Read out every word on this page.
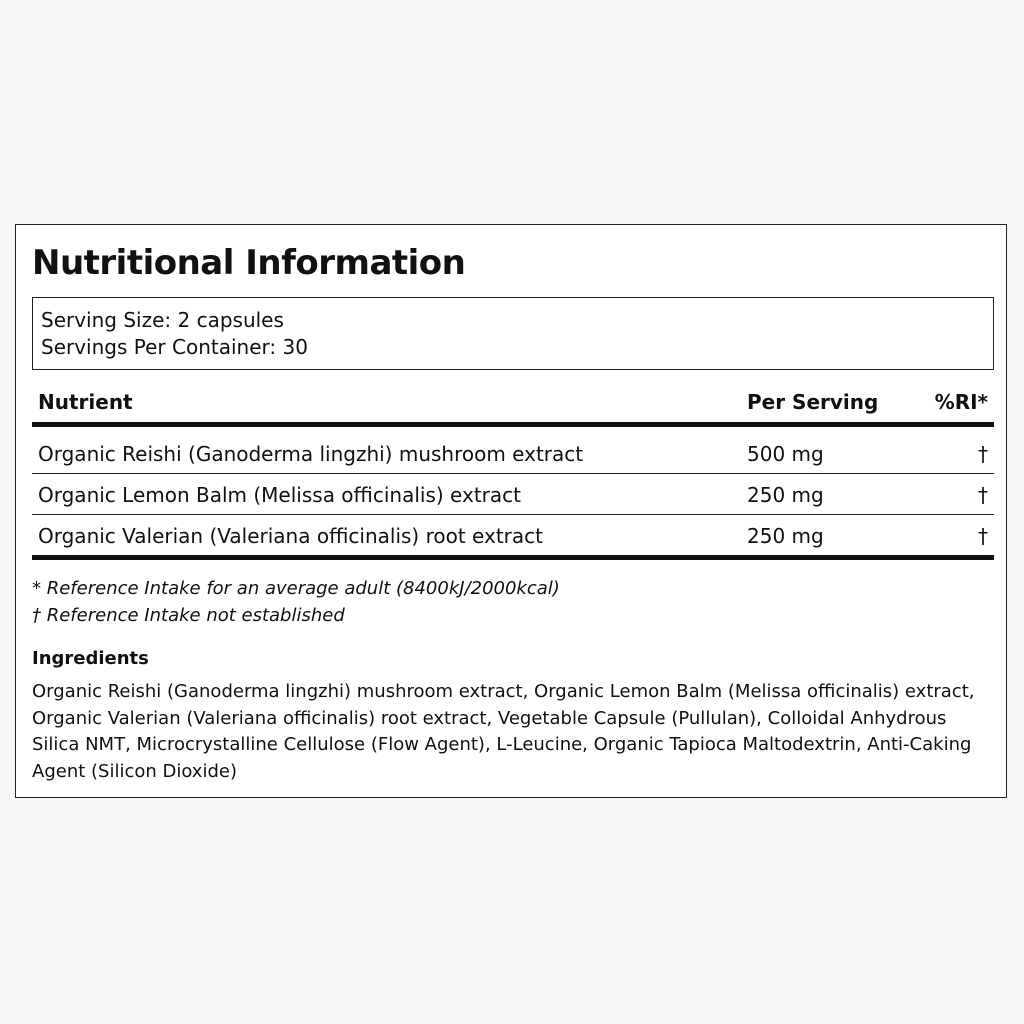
Nutritional Information
Serving Size: 2 capsules
Servings Per Container: 30
Nutrient	Per Serving	%RI*
Organic Reishi (Ganoderma lingzhi) mushroom extract	500 mg	†
Organic Lemon Balm (Melissa officinalis) extract	250 mg	†
Organic Valerian (Valeriana officinalis) root extract	250 mg	†
* Reference Intake for an average adult (8400kJ/2000kcal)
† Reference Intake not established
Ingredients
Organic Reishi (Ganoderma lingzhi) mushroom extract, Organic Lemon Balm (Melissa officinalis) extract, Organic Valerian (Valeriana officinalis) root extract, Vegetable Capsule (Pullulan), Colloidal Anhydrous Silica NMT, Microcrystalline Cellulose (Flow Agent), L-Leucine, Organic Tapioca Maltodextrin, Anti-Caking Agent (Silicon Dioxide)
